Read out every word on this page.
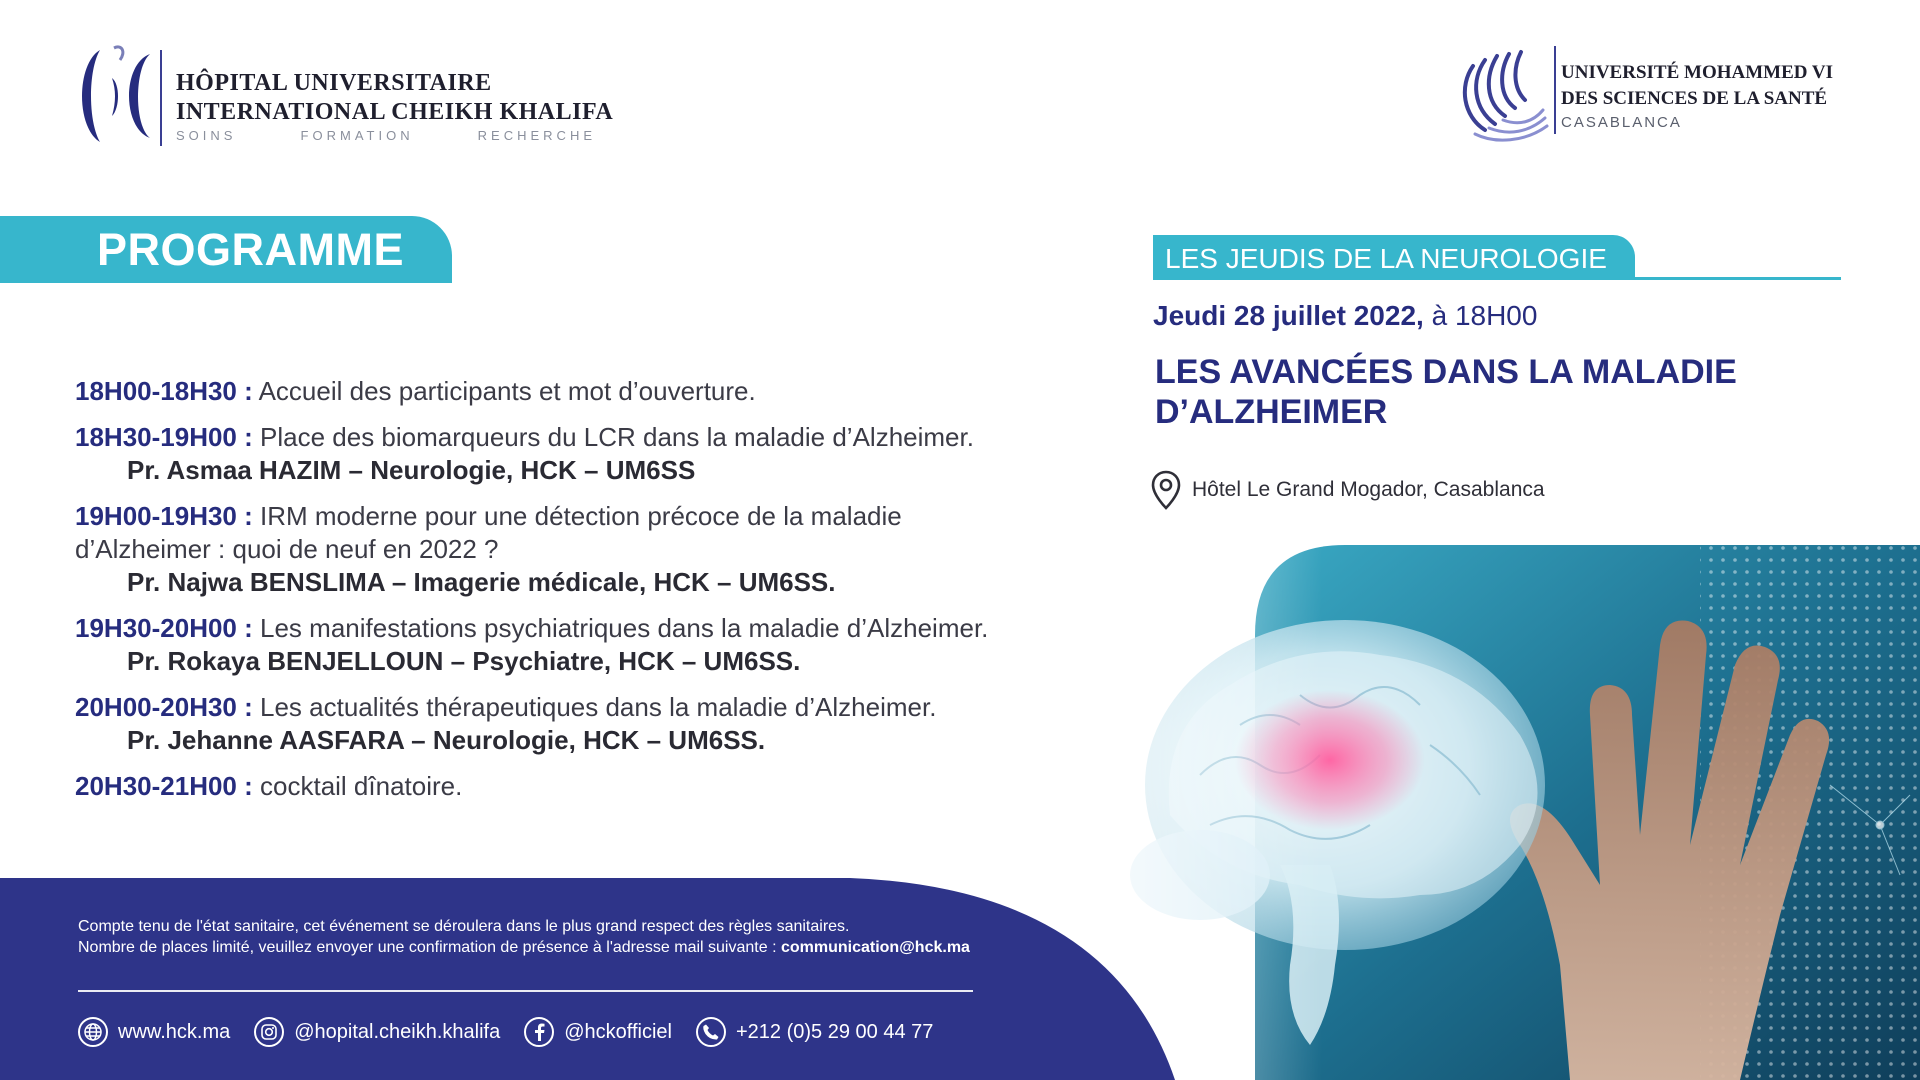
HÔPITAL UNIVERSITAIRE
INTERNATIONAL CHEIKH KHALIFA
SOINS	FORMATION	RECHERCHE
UNIVERSITÉ MOHAMMED VI
DES SCIENCES DE LA SANTÉ
CASABLANCA
PROGRAMME
18H00-18H30 : Accueil des participants et mot d’ouverture.
18H30-19H00 : Place des biomarqueurs du LCR dans la maladie d’Alzheimer.
Pr. Asmaa HAZIM – Neurologie, HCK – UM6SS
19H00-19H30 : IRM moderne pour une détection précoce de la maladie
d’Alzheimer : quoi de neuf en 2022 ?
Pr. Najwa BENSLIMA – Imagerie médicale, HCK – UM6SS.
19H30-20H00 : Les manifestations psychiatriques dans la maladie d’Alzheimer.
Pr. Rokaya BENJELLOUN – Psychiatre, HCK – UM6SS.
20H00-20H30 : Les actualités thérapeutiques dans la maladie d’Alzheimer.
Pr. Jehanne AASFARA – Neurologie, HCK – UM6SS.
20H30-21H00 : cocktail dînatoire.
LES JEUDIS DE LA NEUROLOGIE
Jeudi 28 juillet 2022, à 18H00
LES AVANCÉES DANS LA MALADIE
D’ALZHEIMER
Hôtel Le Grand Mogador, Casablanca
Compte tenu de l'état sanitaire, cet événement se déroulera dans le plus grand respect des règles sanitaires.
Nombre de places limité, veuillez envoyer une confirmation de présence à l'adresse mail suivante : communication@hck.ma
www.hck.ma	@hopital.cheikh.khalifa	@hckofficiel	+212 (0)5 29 00 44 77
